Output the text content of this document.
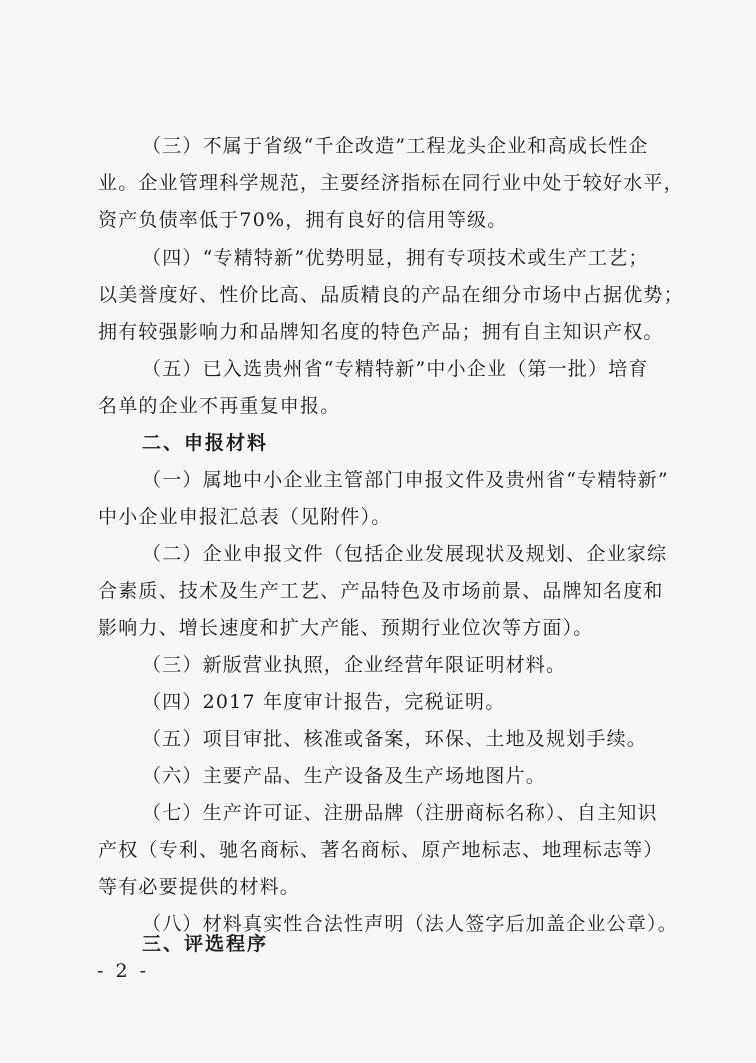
（三）不属于省级“千企改造”工程龙头企业和高成长性企
业。企业管理科学规范，主要经济指标在同行业中处于较好水平，
资产负债率低于70%，拥有良好的信用等级。
（四）“专精特新”优势明显，拥有专项技术或生产工艺；
以美誉度好、性价比高、品质精良的产品在细分市场中占据优势；
拥有较强影响力和品牌知名度的特色产品；拥有自主知识产权。
（五）已入选贵州省“专精特新”中小企业（第一批）培育
名单的企业不再重复申报。
二、申报材料
（一）属地中小企业主管部门申报文件及贵州省“专精特新”
中小企业申报汇总表（见附件）。
（二）企业申报文件（包括企业发展现状及规划、企业家综
合素质、技术及生产工艺、产品特色及市场前景、品牌知名度和
影响力、增长速度和扩大产能、预期行业位次等方面）。
（三）新版营业执照，企业经营年限证明材料。
（四）2017 年度审计报告，完税证明。
（五）项目审批、核准或备案，环保、土地及规划手续。
（六）主要产品、生产设备及生产场地图片。
（七）生产许可证、注册品牌（注册商标名称）、自主知识
产权（专利、驰名商标、著名商标、原产地标志、地理标志等）
等有必要提供的材料。
（八）材料真实性合法性声明（法人签字后加盖企业公章）。
三、评选程序
- 2 -
